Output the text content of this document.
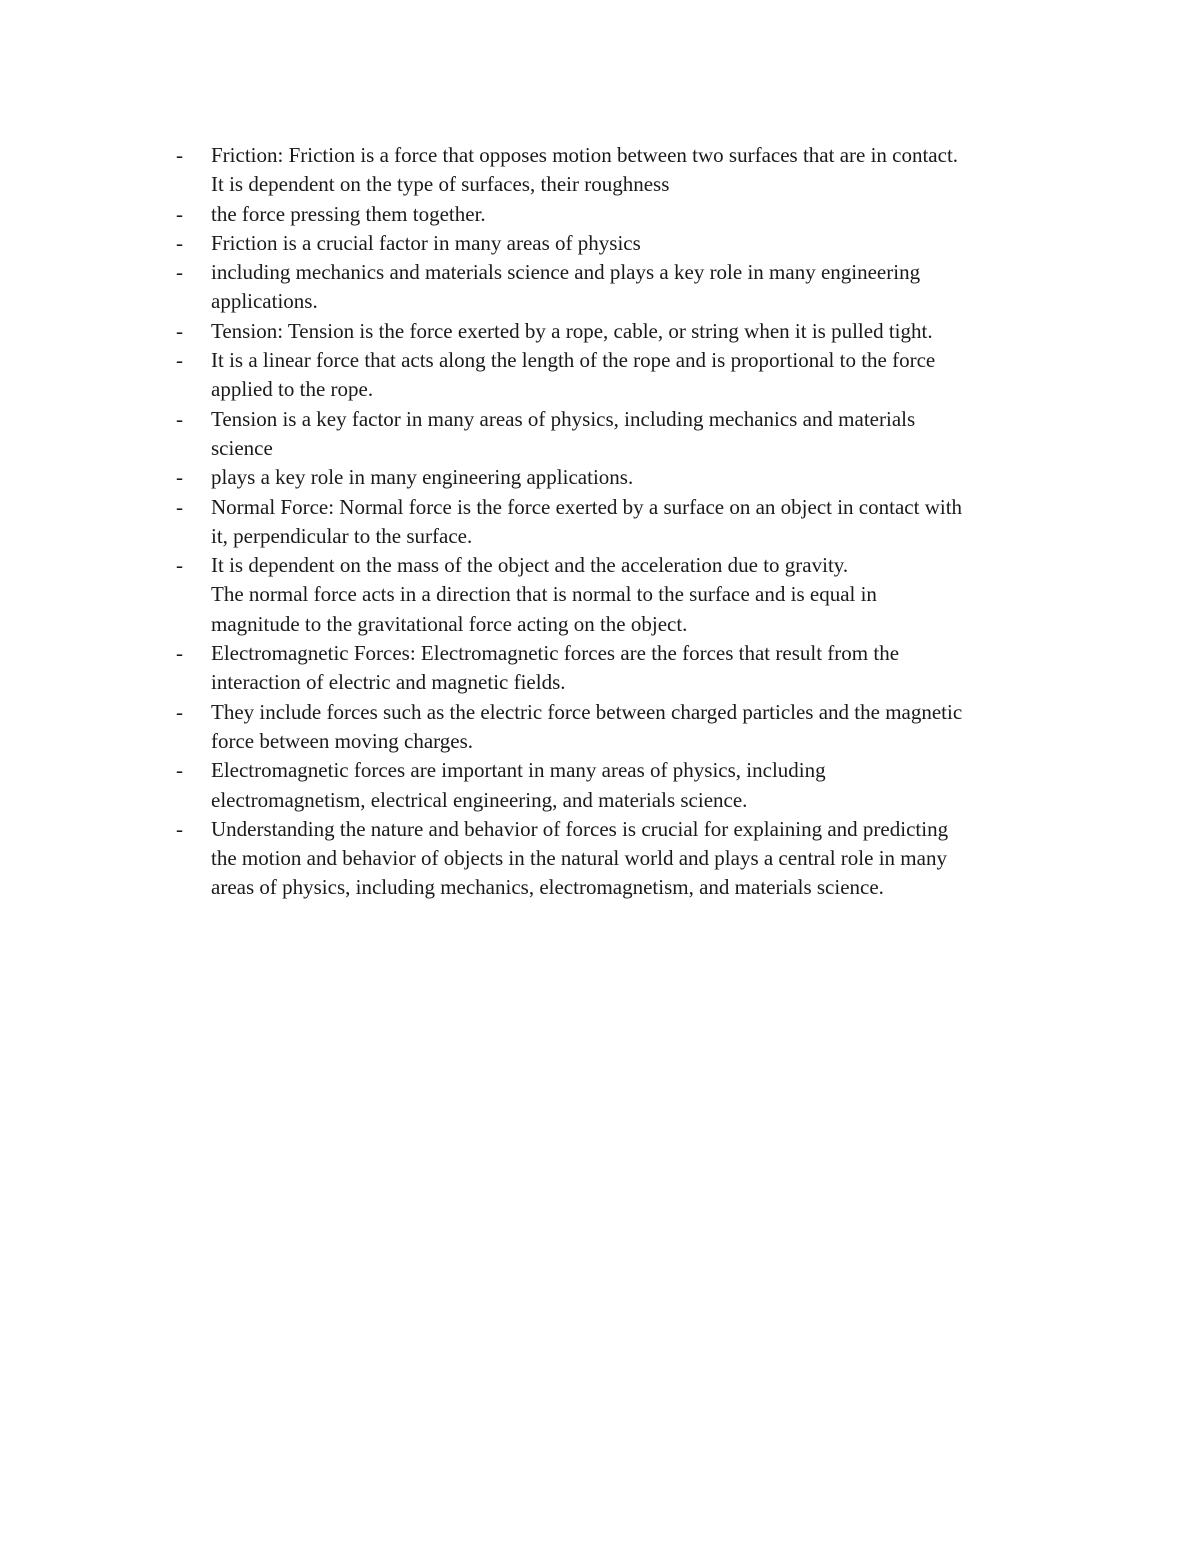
-	Friction: Friction is a force that opposes motion between two surfaces that are in contact.
It is dependent on the type of surfaces, their roughness
-	the force pressing them together.
-	Friction is a crucial factor in many areas of physics
-	including mechanics and materials science and plays a key role in many engineering
applications.
-	Tension: Tension is the force exerted by a rope, cable, or string when it is pulled tight.
-	It is a linear force that acts along the length of the rope and is proportional to the force
applied to the rope.
-	Tension is a key factor in many areas of physics, including mechanics and materials
science
-	plays a key role in many engineering applications.
-	Normal Force: Normal force is the force exerted by a surface on an object in contact with
it, perpendicular to the surface.
-	It is dependent on the mass of the object and the acceleration due to gravity.
The normal force acts in a direction that is normal to the surface and is equal in
magnitude to the gravitational force acting on the object.
-	Electromagnetic Forces: Electromagnetic forces are the forces that result from the
interaction of electric and magnetic fields.
-	They include forces such as the electric force between charged particles and the magnetic
force between moving charges.
-	Electromagnetic forces are important in many areas of physics, including
electromagnetism, electrical engineering, and materials science.
-	Understanding the nature and behavior of forces is crucial for explaining and predicting
the motion and behavior of objects in the natural world and plays a central role in many
areas of physics, including mechanics, electromagnetism, and materials science.
